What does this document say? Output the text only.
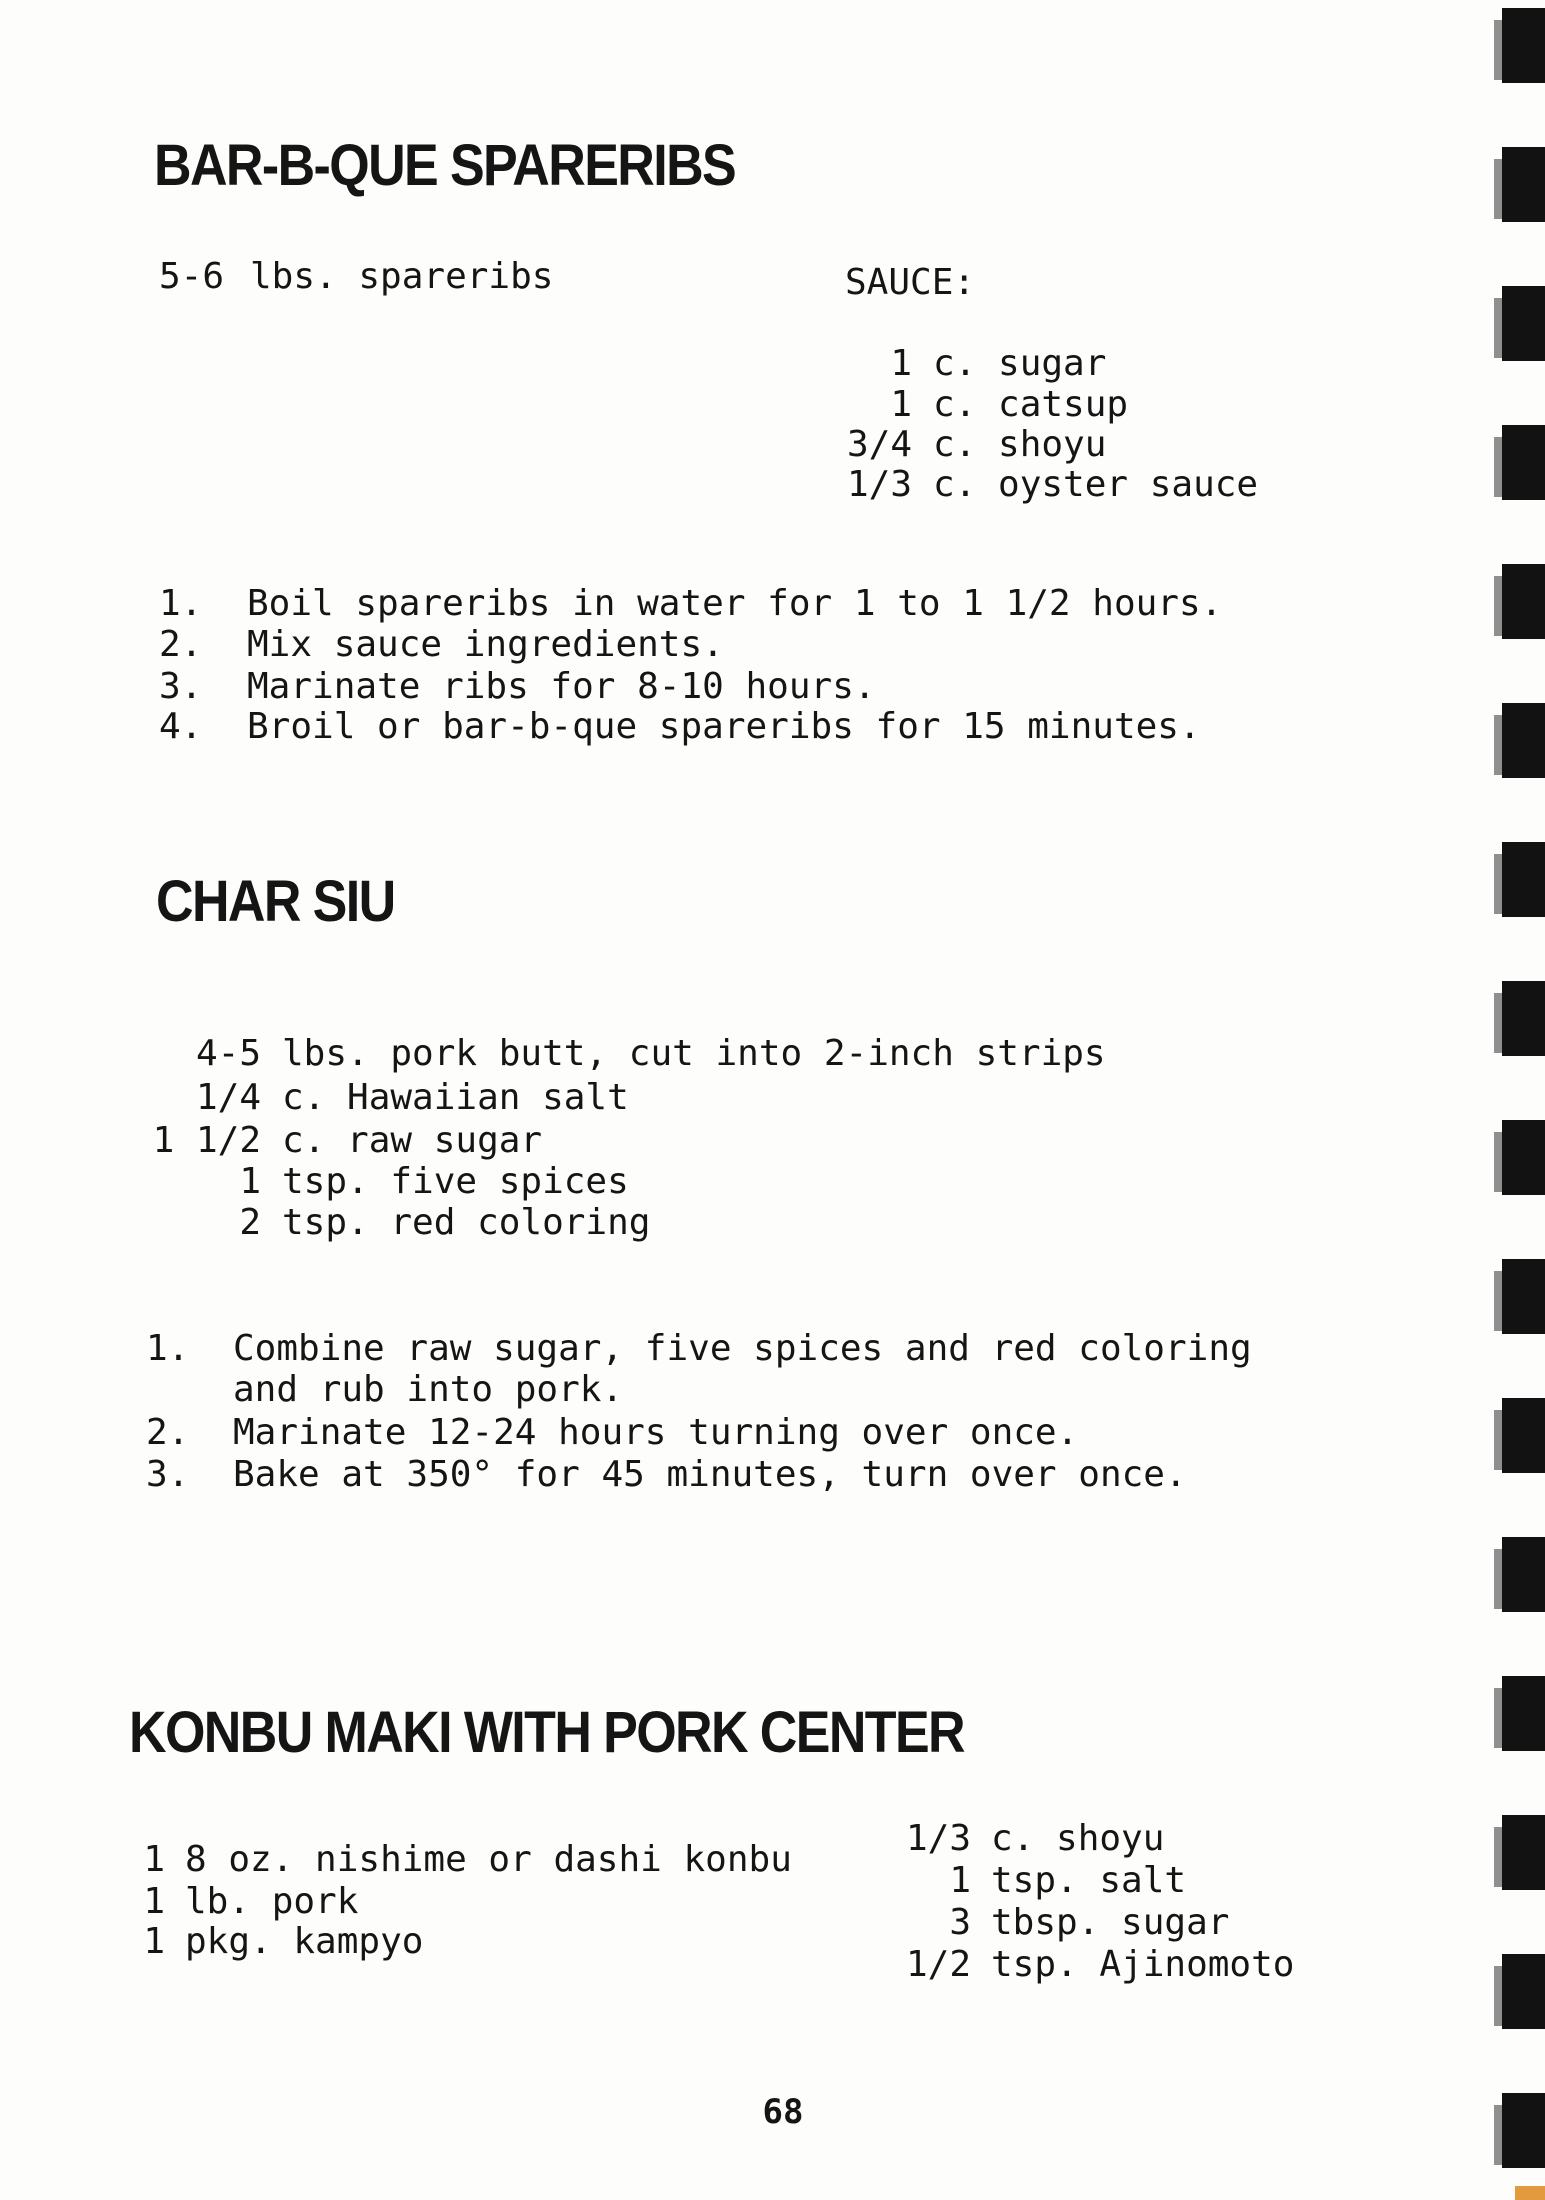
BAR-B-QUE SPARERIBS
5-6 lbs. spareribs	SAUCE:
1 c. sugar
1 c. catsup
3/4 c. shoyu
1/3 c. oyster sauce
1. Boil spareribs in water for 1 to 1 1/2 hours.
2. Mix sauce ingredients.
3. Marinate ribs for 8-10 hours.
4. Broil or bar-b-que spareribs for 15 minutes.
CHAR SIU
4-5 lbs. pork butt, cut into 2-inch strips
1/4 c. Hawaiian salt
1 1/2 c. raw sugar
1 tsp. five spices
2 tsp. red coloring
1. Combine raw sugar, five spices and red coloring and rub into pork.
2. Marinate 12-24 hours turning over once.
3. Bake at 350° for 45 minutes, turn over once.
KONBU MAKI WITH PORK CENTER
1 8 oz. nishime or dashi konbu
1 lb. pork
1 pkg. kampyo
1/3 c. shoyu
1 tsp. salt
3 tbsp. sugar
1/2 tsp. Ajinomoto
68
